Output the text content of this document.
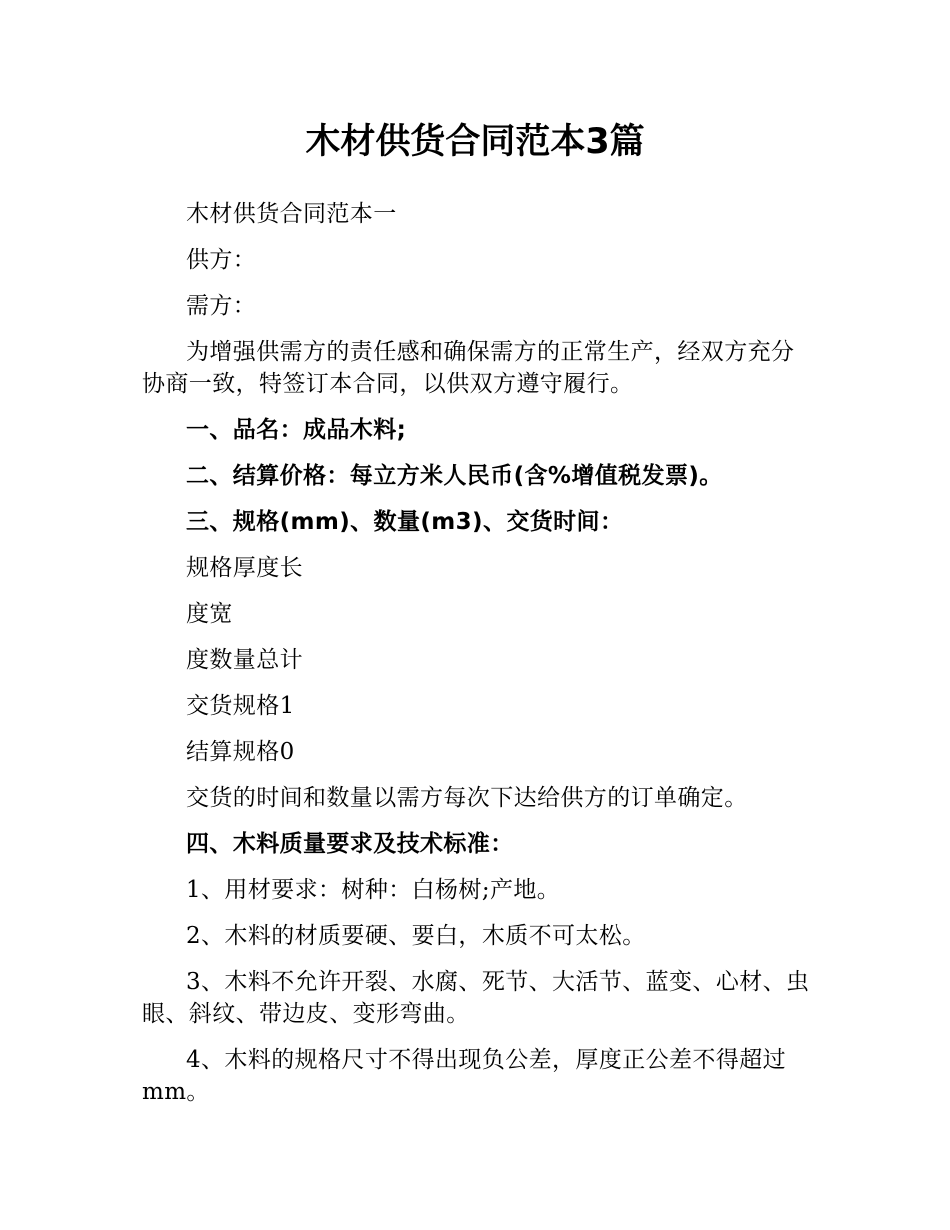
木材供货合同范本3篇

木材供货合同范本一

供方：

需方：

为增强供需方的责任感和确保需方的正常生产，经双方充分协商一致，特签订本合同，以供双方遵守履行。

一、品名：成品木料;

二、结算价格：每立方米人民币(含%增值税发票)。

三、规格(mm)、数量(m3)、交货时间：

规格厚度长

度宽

度数量总计

交货规格1

结算规格0

交货的时间和数量以需方每次下达给供方的订单确定。

四、木料质量要求及技术标准：

1、用材要求：树种：白杨树;产地。

2、木料的材质要硬、要白，木质不可太松。

3、木料不允许开裂、水腐、死节、大活节、蓝变、心材、虫眼、斜纹、带边皮、变形弯曲。

4、木料的规格尺寸不得出现负公差，厚度正公差不得超过 mm。
